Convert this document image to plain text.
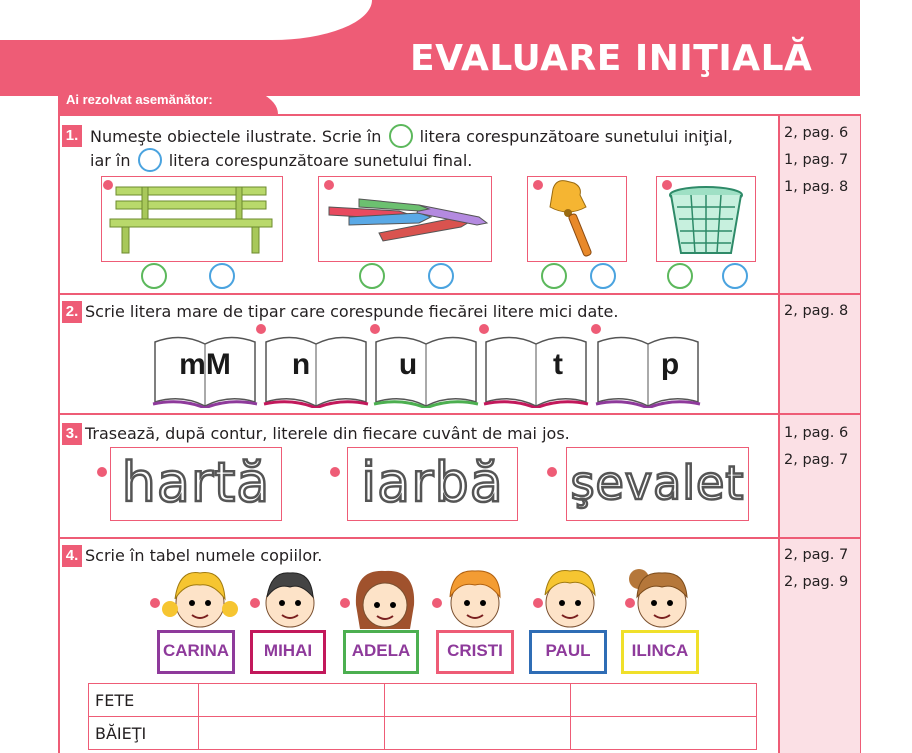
EVALUARE INIŢIALĂ
Ai rezolvat asemănător:
1. Numeşte obiectele ilustrate. Scrie în litera corespunzătoare sunetului iniţial,
iar în litera corespunzătoare sunetului final.
2, pag. 6
1, pag. 7
1, pag. 8
2. Scrie litera mare de tipar care corespunde fiecărei litere mici date.	2, pag. 8
mM	n	u	t	p
3. Trasează, după contur, literele din fiecare cuvânt de mai jos.	1, pag. 6
2, pag. 7
hartă iarbă şevalet
4. Scrie în tabel numele copiilor.	2, pag. 7
2, pag. 9
CARINA	MIHAI	ADELA	CRISTI	PAUL	ILINCA
FETE			
BĂIEŢI			
